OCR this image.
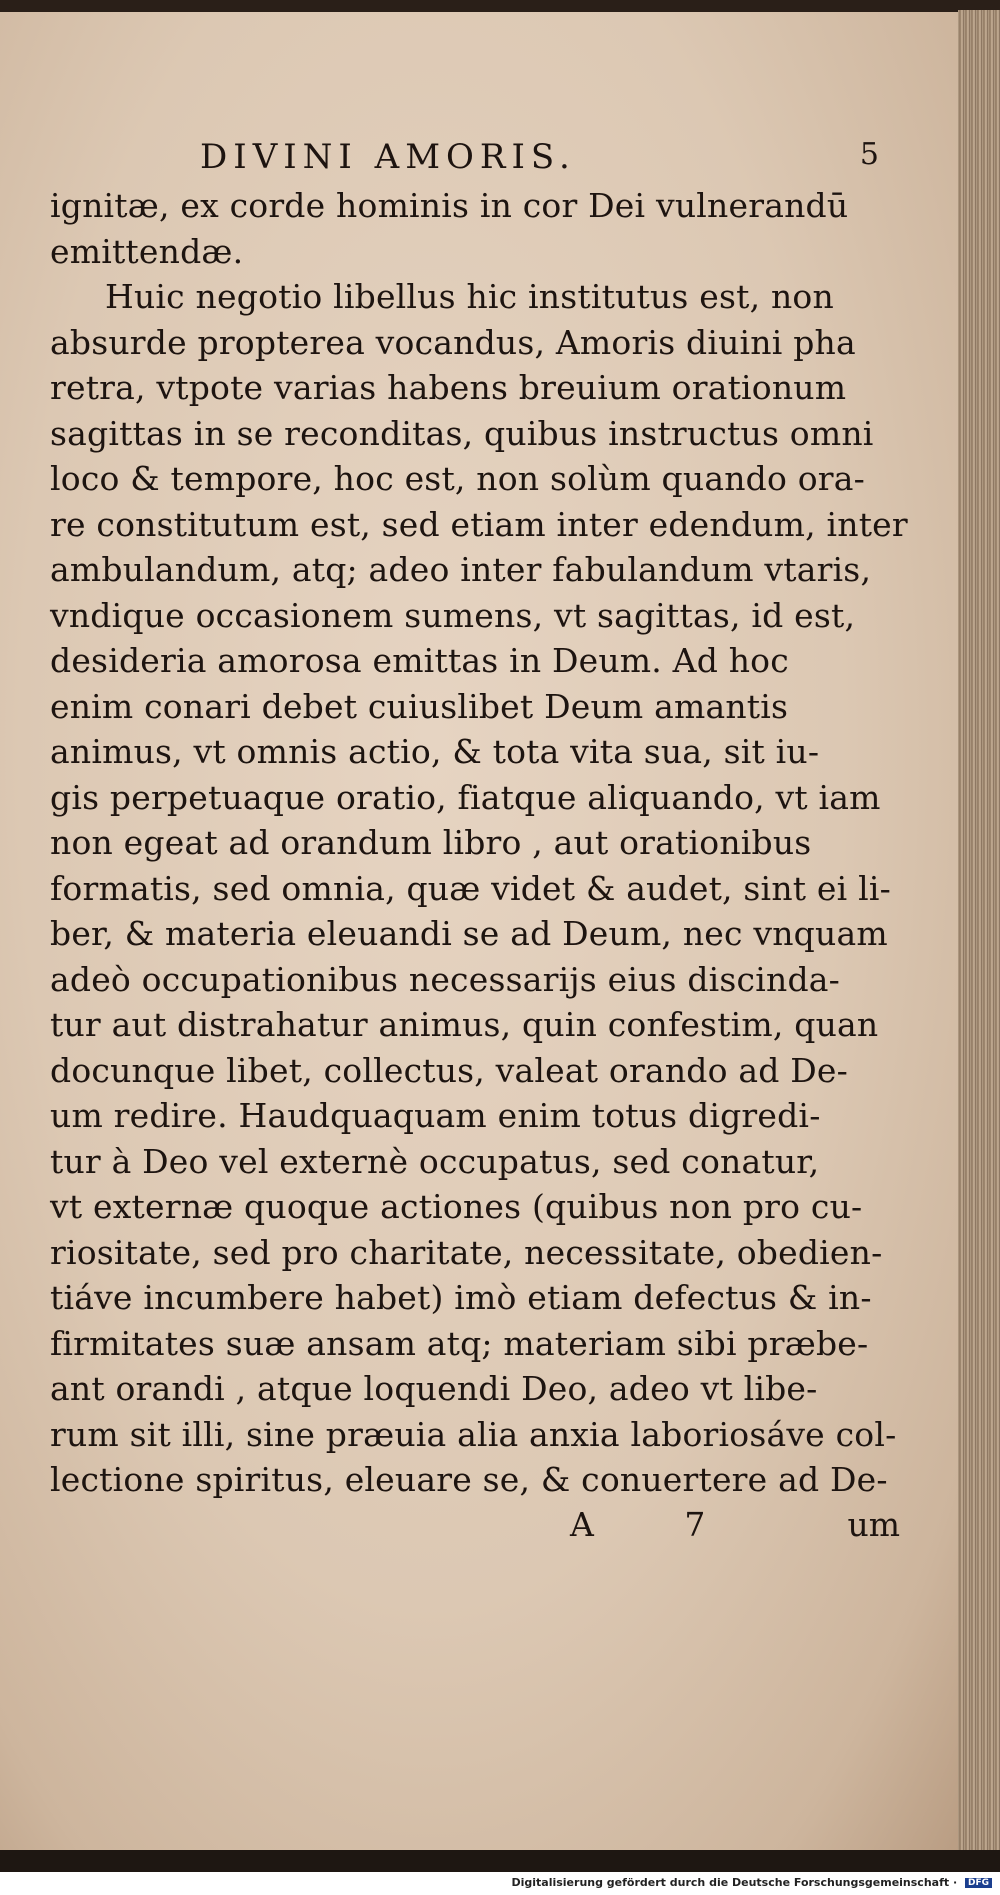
DIVINI AMORIS.	5
ignitæ, ex corde hominis in cor Dei vulnerandū
emittendæ.
Huic negotio libellus hic institutus est, non
absurde propterea vocandus, Amoris diuini pha
retra, vtpote varias habens breuium orationum
sagittas in se reconditas, quibus instructus omni
loco & tempore, hoc est, non solùm quando ora-
re constitutum est, sed etiam inter edendum, inter
ambulandum, atq; adeo inter fabulandum vtaris,
vndique occasionem sumens, vt sagittas, id est,
desideria amorosa emittas in Deum. Ad hoc
enim conari debet cuiuslibet Deum amantis
animus, vt omnis actio, & tota vita sua, sit iu-
gis perpetuaque oratio, fiatque aliquando, vt iam
non egeat ad orandum libro , aut orationibus
formatis, sed omnia, quæ videt & audet, sint ei li-
ber, & materia eleuandi se ad Deum, nec vnquam
adeò occupationibus necessarijs eius discinda-
tur aut distrahatur animus, quin confestim, quan
docunque libet, collectus, valeat orando ad De-
um redire. Haudquaquam enim totus digredi-
tur à Deo vel externè occupatus, sed conatur,
vt externæ quoque actiones (quibus non pro cu-
riositate, sed pro charitate, necessitate, obedien-
tiáve incumbere habet) imò etiam defectus & in-
firmitates suæ ansam atq; materiam sibi præbe-
ant orandi , atque loquendi Deo, adeo vt libe-
rum sit illi, sine præuia alia anxia laboriosáve col-
lectione spiritus, eleuare se, & conuertere ad De-
A 7	um
Digitalisierung gefördert durch die Deutsche Forschungsgemeinschaft · DFG
